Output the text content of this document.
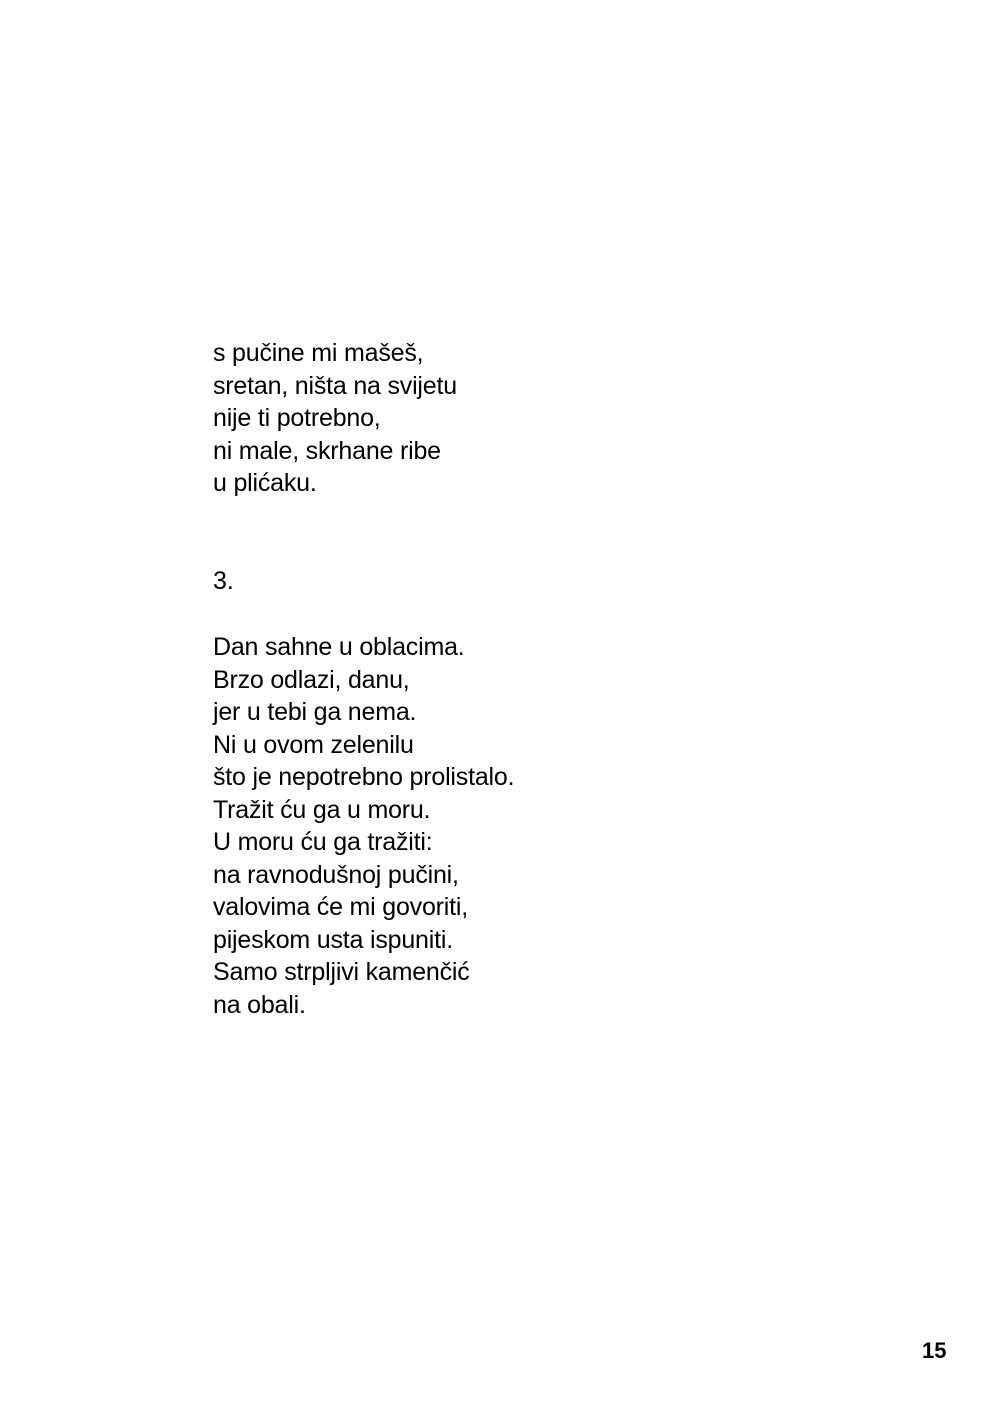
s pučine mi mašeš,
sretan, ništa na svijetu
nije ti potrebno,
ni male, skrhane ribe
u plićaku.
3.
Dan sahne u oblacima.
Brzo odlazi, danu,
jer u tebi ga nema.
Ni u ovom zelenilu
što je nepotrebno prolistalo.
Tražit ću ga u moru.
U moru ću ga tražiti:
na ravnodušnoj pučini,
valovima će mi govoriti,
pijeskom usta ispuniti.
Samo strpljivi kamenčić
na obali.
15
